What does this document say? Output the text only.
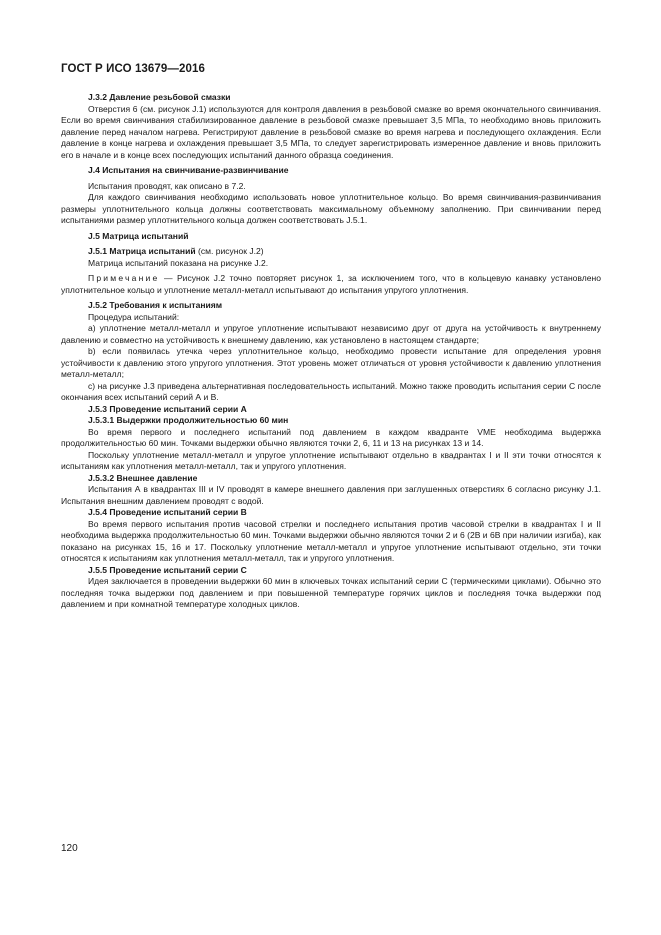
ГОСТ Р ИСО 13679—2016
J.3.2 Давление резьбовой смазки

Отверстия 6 (см. рисунок J.1) используются для контроля давления в резьбовой смазке во время окончательного свинчивания. Если во время свинчивания стабилизированное давление в резьбовой смазке превышает 3,5 МПа, то необходимо вновь приложить давление перед началом нагрева. Регистрируют давление в резьбовой смазке во время нагрева и последующего охлаждения. Если давление в конце нагрева и охлаждения превышает 3,5 МПа, то следует зарегистрировать измеренное давление и вновь приложить его в начале и в конце всех последующих испытаний данного образца соединения.

J.4 Испытания на свинчивание-развинчивание

Испытания проводят, как описано в 7.2.

Для каждого свинчивания необходимо использовать новое уплотнительное кольцо. Во время свинчивания-развинчивания размеры уплотнительного кольца должны соответствовать максимальному объемному заполнению. При свинчивании перед испытаниями размер уплотнительного кольца должен соответствовать J.5.1.

J.5 Матрица испытаний

J.5.1 Матрица испытаний (см. рисунок J.2)

Матрица испытаний показана на рисунке J.2.

Примечание — Рисунок J.2 точно повторяет рисунок 1, за исключением того, что в кольцевую канавку установлено уплотнительное кольцо и уплотнение металл-металл испытывают до испытания упругого уплотнения.

J.5.2 Требования к испытаниям

Процедура испытаний:

а) уплотнение металл-металл и упругое уплотнение испытывают независимо друг от друга на устойчивость к внутреннему давлению и совместно на устойчивость к внешнему давлению, как установлено в настоящем стандарте;

b) если появилась утечка через уплотнительное кольцо, необходимо провести испытание для определения уровня устойчивости к давлению этого упругого уплотнения. Этот уровень может отличаться от уровня устойчивости к давлению уплотнения металл-металл;

с) на рисунке J.3 приведена альтернативная последовательность испытаний. Можно также проводить испытания серии С после окончания всех испытаний серий А и В.

J.5.3 Проведение испытаний серии А
J.5.3.1 Выдержки продолжительностью 60 мин

Во время первого и последнего испытаний под давлением в каждом квадранте VME необходима выдержка продолжительностью 60 мин. Точками выдержки обычно являются точки 2, 6, 11 и 13 на рисунках 13 и 14.

Поскольку уплотнение металл-металл и упругое уплотнение испытывают отдельно в квадрантах I и II эти точки относятся к испытаниям как уплотнения металл-металл, так и упругого уплотнения.

J.5.3.2 Внешнее давление

Испытания А в квадрантах III и IV проводят в камере внешнего давления при заглушенных отверстиях 6 согласно рисунку J.1. Испытания внешним давлением проводят с водой.

J.5.4 Проведение испытаний серии В

Во время первого испытания против часовой стрелки и последнего испытания против часовой стрелки в квадрантах I и II необходима выдержка продолжительностью 60 мин. Точками выдержки обычно являются точки 2 и 6 (2В и 6В при наличии изгиба), как показано на рисунках 15, 16 и 17. Поскольку уплотнение металл-металл и упругое уплотнение испытывают отдельно, эти точки относятся к испытаниям как уплотнения металл-металл, так и упругого уплотнения.

J.5.5 Проведение испытаний серии С

Идея заключается в проведении выдержки 60 мин в ключевых точках испытаний серии С (термическими циклами). Обычно это последняя точка выдержки под давлением и при повышенной температуре горячих циклов и последняя точка выдержки под давлением и при комнатной температуре холодных циклов.

120
